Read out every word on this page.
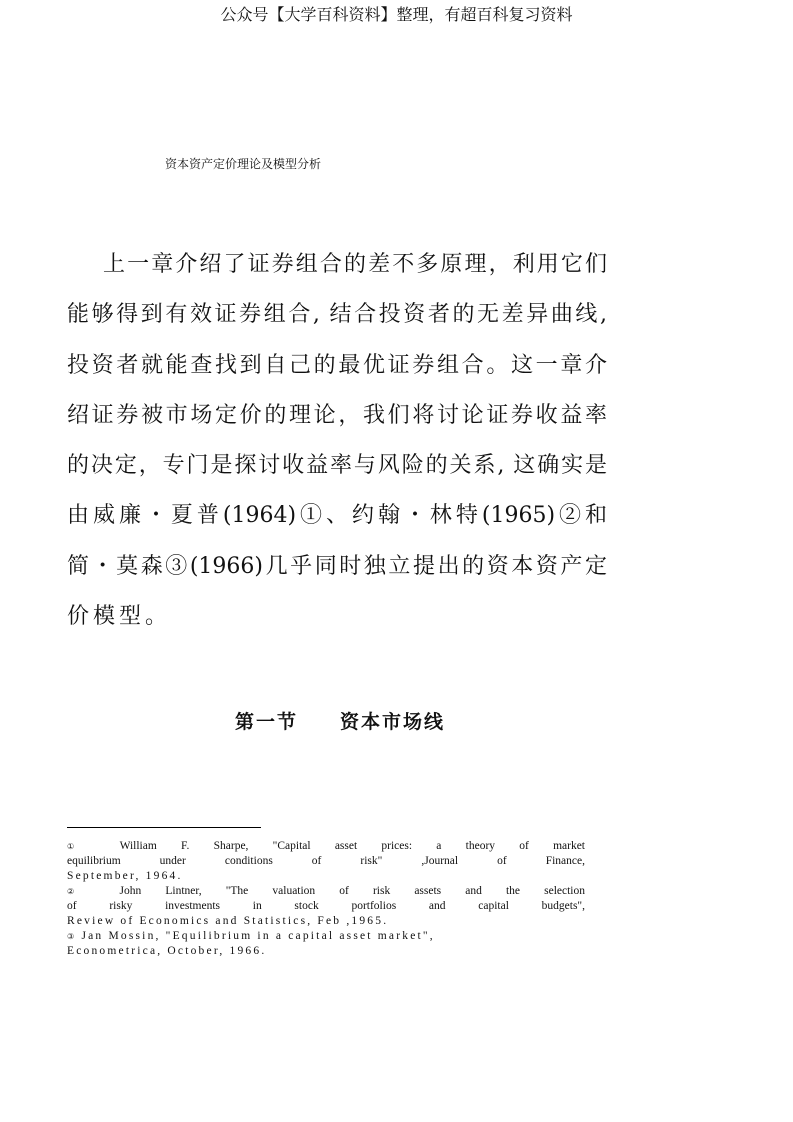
公众号【大学百科资料】整理，有超百科复习资料
资本资产定价理论及模型分析
上一章介绍了证券组合的差不多原理，利用它们
能够得到有效证券组合, 结合投资者的无差异曲线,
投资者就能查找到自己的最优证券组合。这一章介
绍证券被市场定价的理论，我们将讨论证券收益率
的决定，专门是探讨收益率与风险的关系, 这确实是
由威廉・夏普(1964)①、约翰・林特(1965)②和
简・莫森③(1966)几乎同时独立提出的资本资产定
价模型。
第一节　　资本市场线
① William F. Sharpe, "Capital asset prices: a theory of market
equilibrium under conditions of risk" ,Journal of Finance,
September, 1964.
② John Lintner, "The valuation of risk assets and the selection
of risky investments in stock portfolios and capital budgets",
Review of Economics and Statistics, Feb ,1965.
③ Jan Mossin, "Equilibrium in a capital asset market",
Econometrica, October, 1966.
